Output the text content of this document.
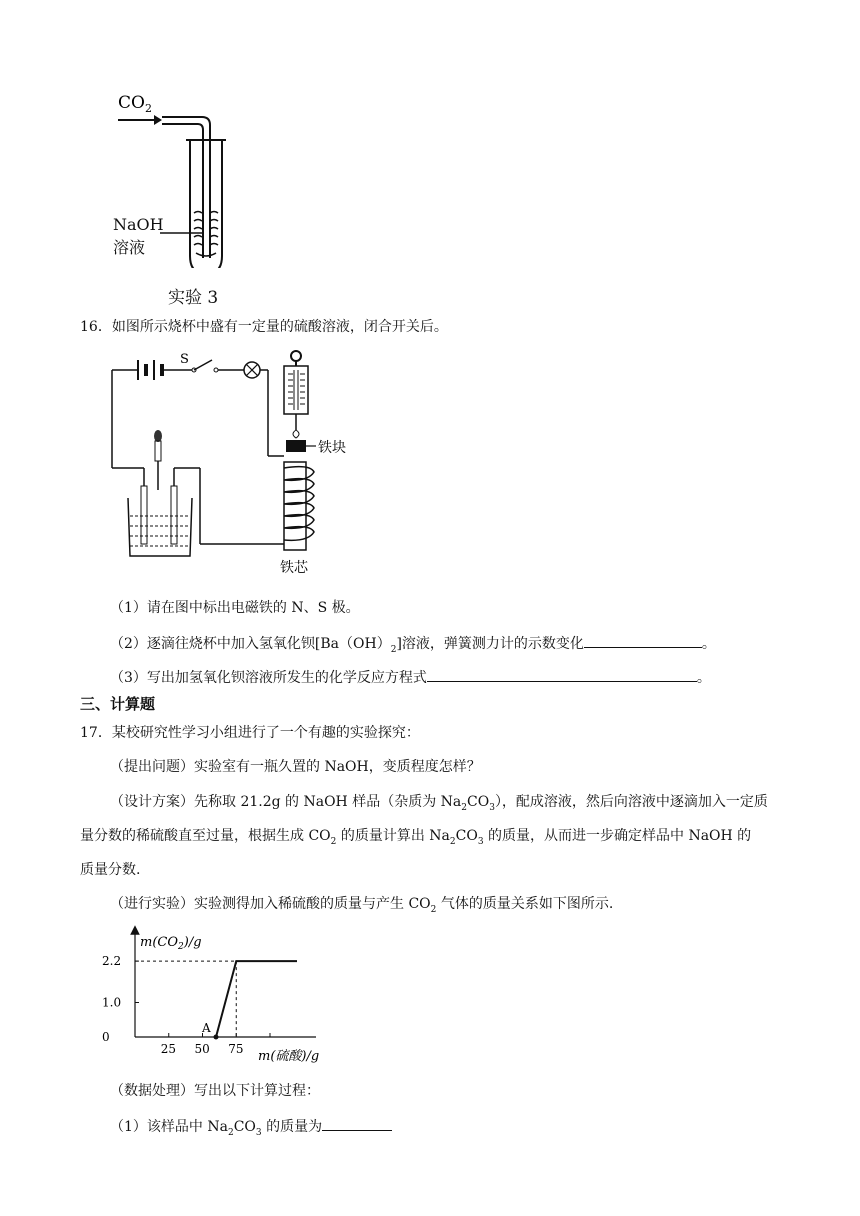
$CO_2$
NaOH
溶液
实验 3
16．如图所示烧杯中盛有一定量的硫酸溶液，闭合开关后。
S
铁块
铁芯
（1）请在图中标出电磁铁的 N、S 极。
（2）逐滴往烧杯中加入氢氧化钡$[Ba(OH)_2]$溶液，弹簧测力计的示数变化	。
（3）写出加氢氧化钡溶液所发生的化学反应方程式	。
三、计算题
17．某校研究性学习小组进行了一个有趣的实验探究：
（提出问题）实验室有一瓶久置的 NaOH，变质程度怎样？
（设计方案）先称取 21.2g 的 NaOH 样品（杂质为 $Na_2CO_3$），配成溶液，然后向溶液中逐滴加入一定质
量分数的稀硫酸直至过量，根据生成 $CO_2$ 的质量计算出 $Na_2CO_3$ 的质量，从而进一步确定样品中 NaOH 的
质量分数.
（进行实验）实验测得加入稀硫酸的质量与产生 $CO_2$ 气体的质量关系如下图所示.
$m(CO_2)/g$
m(硫酸)/g
25 50 75
0
1.0
2.2
A
（数据处理）写出以下计算过程：
（1）该样品中 $Na_2CO_3$ 的质量为
